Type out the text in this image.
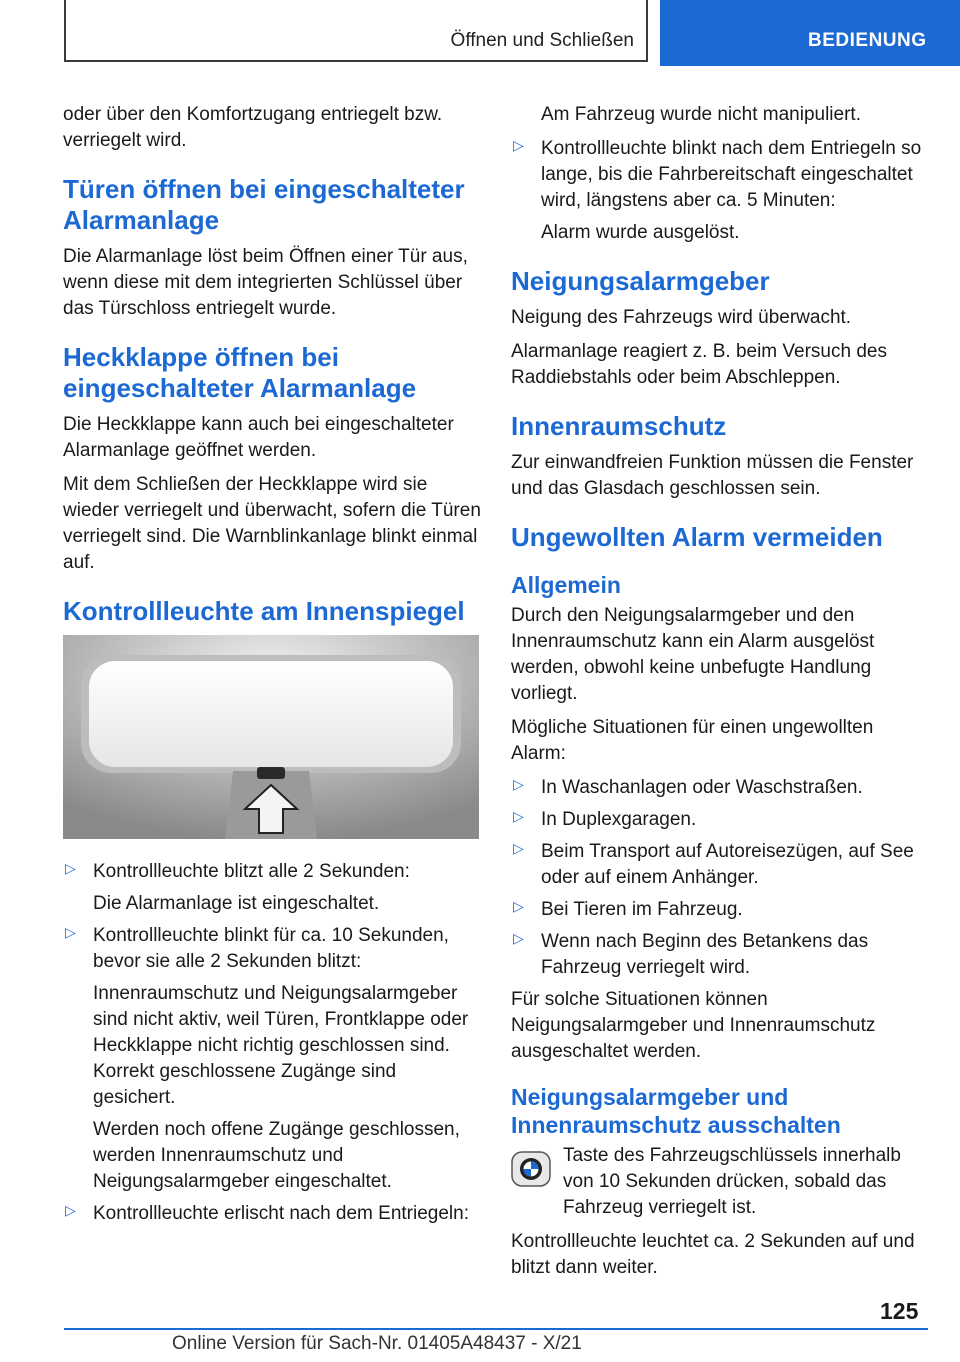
Öffnen und Schließen	BEDIENUNG

oder über den Komfortzugang entriegelt bzw. verriegelt wird.

Türen öffnen bei eingeschalteter Alarmanlage

Die Alarmanlage löst beim Öffnen einer Tür aus, wenn diese mit dem integrierten Schlüssel über das Türschloss entriegelt wurde.

Heckklappe öffnen bei eingeschalteter Alarmanlage

Die Heckklappe kann auch bei eingeschalteter Alarmanlage geöffnet werden.

Mit dem Schließen der Heckklappe wird sie wieder verriegelt und überwacht, sofern die Türen verriegelt sind. Die Warnblinkanlage blinkt einmal auf.

Kontrollleuchte am Innenspiegel
▷ Kontrollleuchte blitzt alle 2 Sekunden:

Die Alarmanlage ist eingeschaltet.

▷ Kontrollleuchte blinkt für ca. 10 Sekunden, bevor sie alle 2 Sekunden blitzt:

Innenraumschutz und Neigungsalarmgeber sind nicht aktiv, weil Türen, Frontklappe oder Heckklappe nicht richtig geschlossen sind. Korrekt geschlossene Zugänge sind gesichert.

Werden noch offene Zugänge geschlossen, werden Innenraumschutz und Neigungsalarmgeber eingeschaltet.

▷ Kontrollleuchte erlischt nach dem Entriegeln:

Am Fahrzeug wurde nicht manipuliert.

▷ Kontrollleuchte blinkt nach dem Entriegeln so lange, bis die Fahrbereitschaft eingeschaltet wird, längstens aber ca. 5 Minuten:

Alarm wurde ausgelöst.

Neigungsalarmgeber

Neigung des Fahrzeugs wird überwacht.

Alarmanlage reagiert z. B. beim Versuch des Raddiebstahls oder beim Abschleppen.

Innenraumschutz

Zur einwandfreien Funktion müssen die Fenster und das Glasdach geschlossen sein.

Ungewollten Alarm vermeiden
Allgemein

Durch den Neigungsalarmgeber und den Innenraumschutz kann ein Alarm ausgelöst werden, obwohl keine unbefugte Handlung vorliegt.

Mögliche Situationen für einen ungewollten Alarm:

▷ In Waschanlagen oder Waschstraßen.

▷ In Duplexgaragen.

▷ Beim Transport auf Autoreisezügen, auf See oder auf einem Anhänger.

▷ Bei Tieren im Fahrzeug.

▷ Wenn nach Beginn des Betankens das Fahrzeug verriegelt wird.

Für solche Situationen können Neigungsalarmgeber und Innenraumschutz ausgeschaltet werden.

Neigungsalarmgeber und Innenraumschutz ausschalten

Taste des Fahrzeugschlüssels innerhalb von 10 Sekunden drücken, sobald das Fahrzeug verriegelt ist.

Kontrollleuchte leuchtet ca. 2 Sekunden auf und blitzt dann weiter.

125
Online Version für Sach-Nr. 01405A48437 - X/21
